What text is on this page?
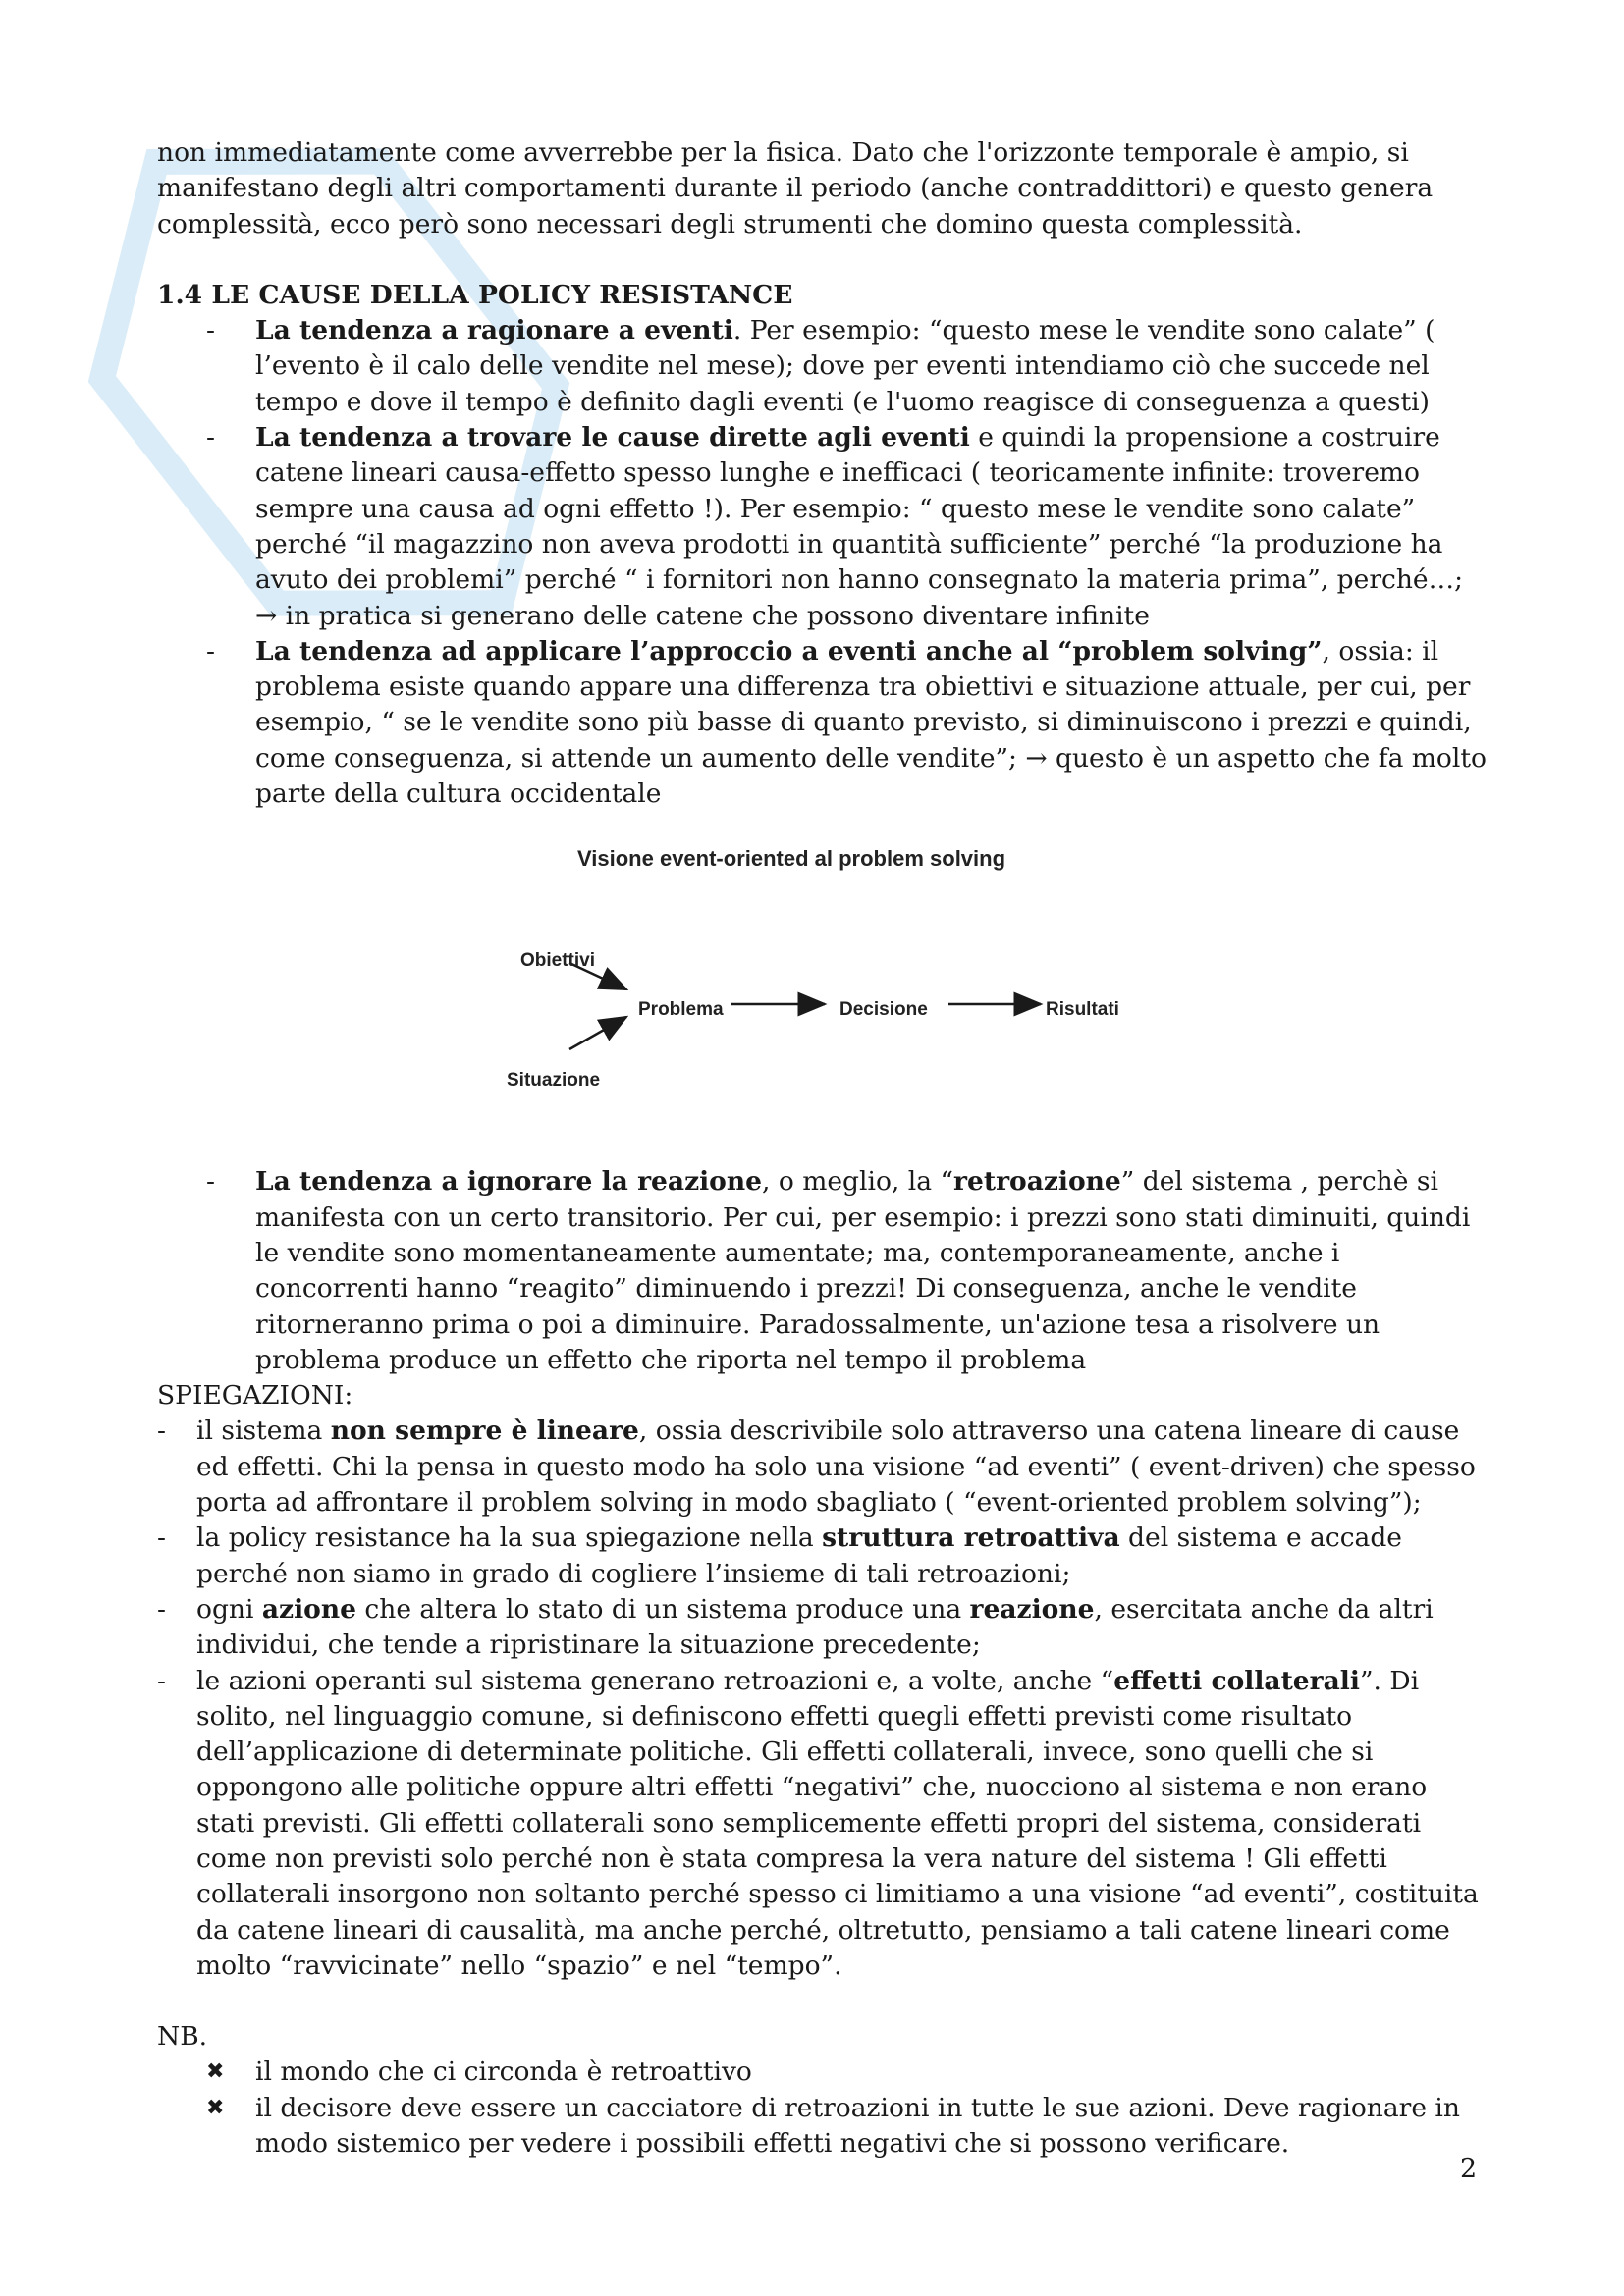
non immediatamente come avverrebbe per la fisica. Dato che l'orizzonte temporale è ampio, si manifestano degli altri comportamenti durante il periodo (anche contraddittori) e questo genera complessità, ecco però sono necessari degli strumenti che domino questa complessità.

1.4 LE CAUSE DELLA POLICY RESISTANCE

- La tendenza a ragionare a eventi. Per esempio: “questo mese le vendite sono calate” ( l’evento è il calo delle vendite nel mese); dove per eventi intendiamo ciò che succede nel tempo e dove il tempo è definito dagli eventi (e l'uomo reagisce di conseguenza a questi)
- La tendenza a trovare le cause dirette agli eventi e quindi la propensione a costruire catene lineari causa-effetto spesso lunghe e inefficaci ( teoricamente infinite: troveremo sempre una causa ad ogni effetto !). Per esempio: “ questo mese le vendite sono calate” perché “il magazzino non aveva prodotti in quantità sufficiente” perché “la produzione ha avuto dei problemi” perché “ i fornitori non hanno consegnato la materia prima”, perché…; → in pratica si generano delle catene che possono diventare infinite
- La tendenza ad applicare l’approccio a eventi anche al “problem solving”, ossia: il problema esiste quando appare una differenza tra obiettivi e situazione attuale, per cui, per esempio, “ se le vendite sono più basse di quanto previsto, si diminuiscono i prezzi e quindi, come conseguenza, si attende un aumento delle vendite”; → questo è un aspetto che fa molto parte della cultura occidentale
Visione event-oriented al problem solving
Obiettivi
Situazione
Problema	Decisione	Risultati
- La tendenza a ignorare la reazione, o meglio, la “retroazione” del sistema , perchè si manifesta con un certo transitorio. Per cui, per esempio: i prezzi sono stati diminuiti, quindi le vendite sono momentaneamente aumentate; ma, contemporaneamente, anche i concorrenti hanno “reagito” diminuendo i prezzi! Di conseguenza, anche le vendite ritorneranno prima o poi a diminuire. Paradossalmente, un'azione tesa a risolvere un problema produce un effetto che riporta nel tempo il problema

SPIEGAZIONI:

- il sistema non sempre è lineare, ossia descrivibile solo attraverso una catena lineare di cause ed effetti. Chi la pensa in questo modo ha solo una visione “ad eventi” ( event-driven) che spesso porta ad affrontare il problem solving in modo sbagliato ( “event-oriented problem solving”);
- la policy resistance ha la sua spiegazione nella struttura retroattiva del sistema e accade perché non siamo in grado di cogliere l’insieme di tali retroazioni;
- ogni azione che altera lo stato di un sistema produce una reazione, esercitata anche da altri individui, che tende a ripristinare la situazione precedente;
- le azioni operanti sul sistema generano retroazioni e, a volte, anche “effetti collaterali”. Di solito, nel linguaggio comune, si definiscono effetti quegli effetti previsti come risultato dell’applicazione di determinate politiche. Gli effetti collaterali, invece, sono quelli che si oppongono alle politiche oppure altri effetti “negativi” che, nuocciono al sistema e non erano stati previsti. Gli effetti collaterali sono semplicemente effetti propri del sistema, considerati come non previsti solo perché non è stata compresa la vera nature del sistema ! Gli effetti collaterali insorgono non soltanto perché spesso ci limitiamo a una visione “ad eventi”, costituita da catene lineari di causalità, ma anche perché, oltretutto, pensiamo a tali catene lineari come molto “ravvicinate” nello “spazio” e nel “tempo”.

NB.

✖ il mondo che ci circonda è retroattivo
✖ il decisore deve essere un cacciatore di retroazioni in tutte le sue azioni. Deve ragionare in modo sistemico per vedere i possibili effetti negativi che si possono verificare.
2
